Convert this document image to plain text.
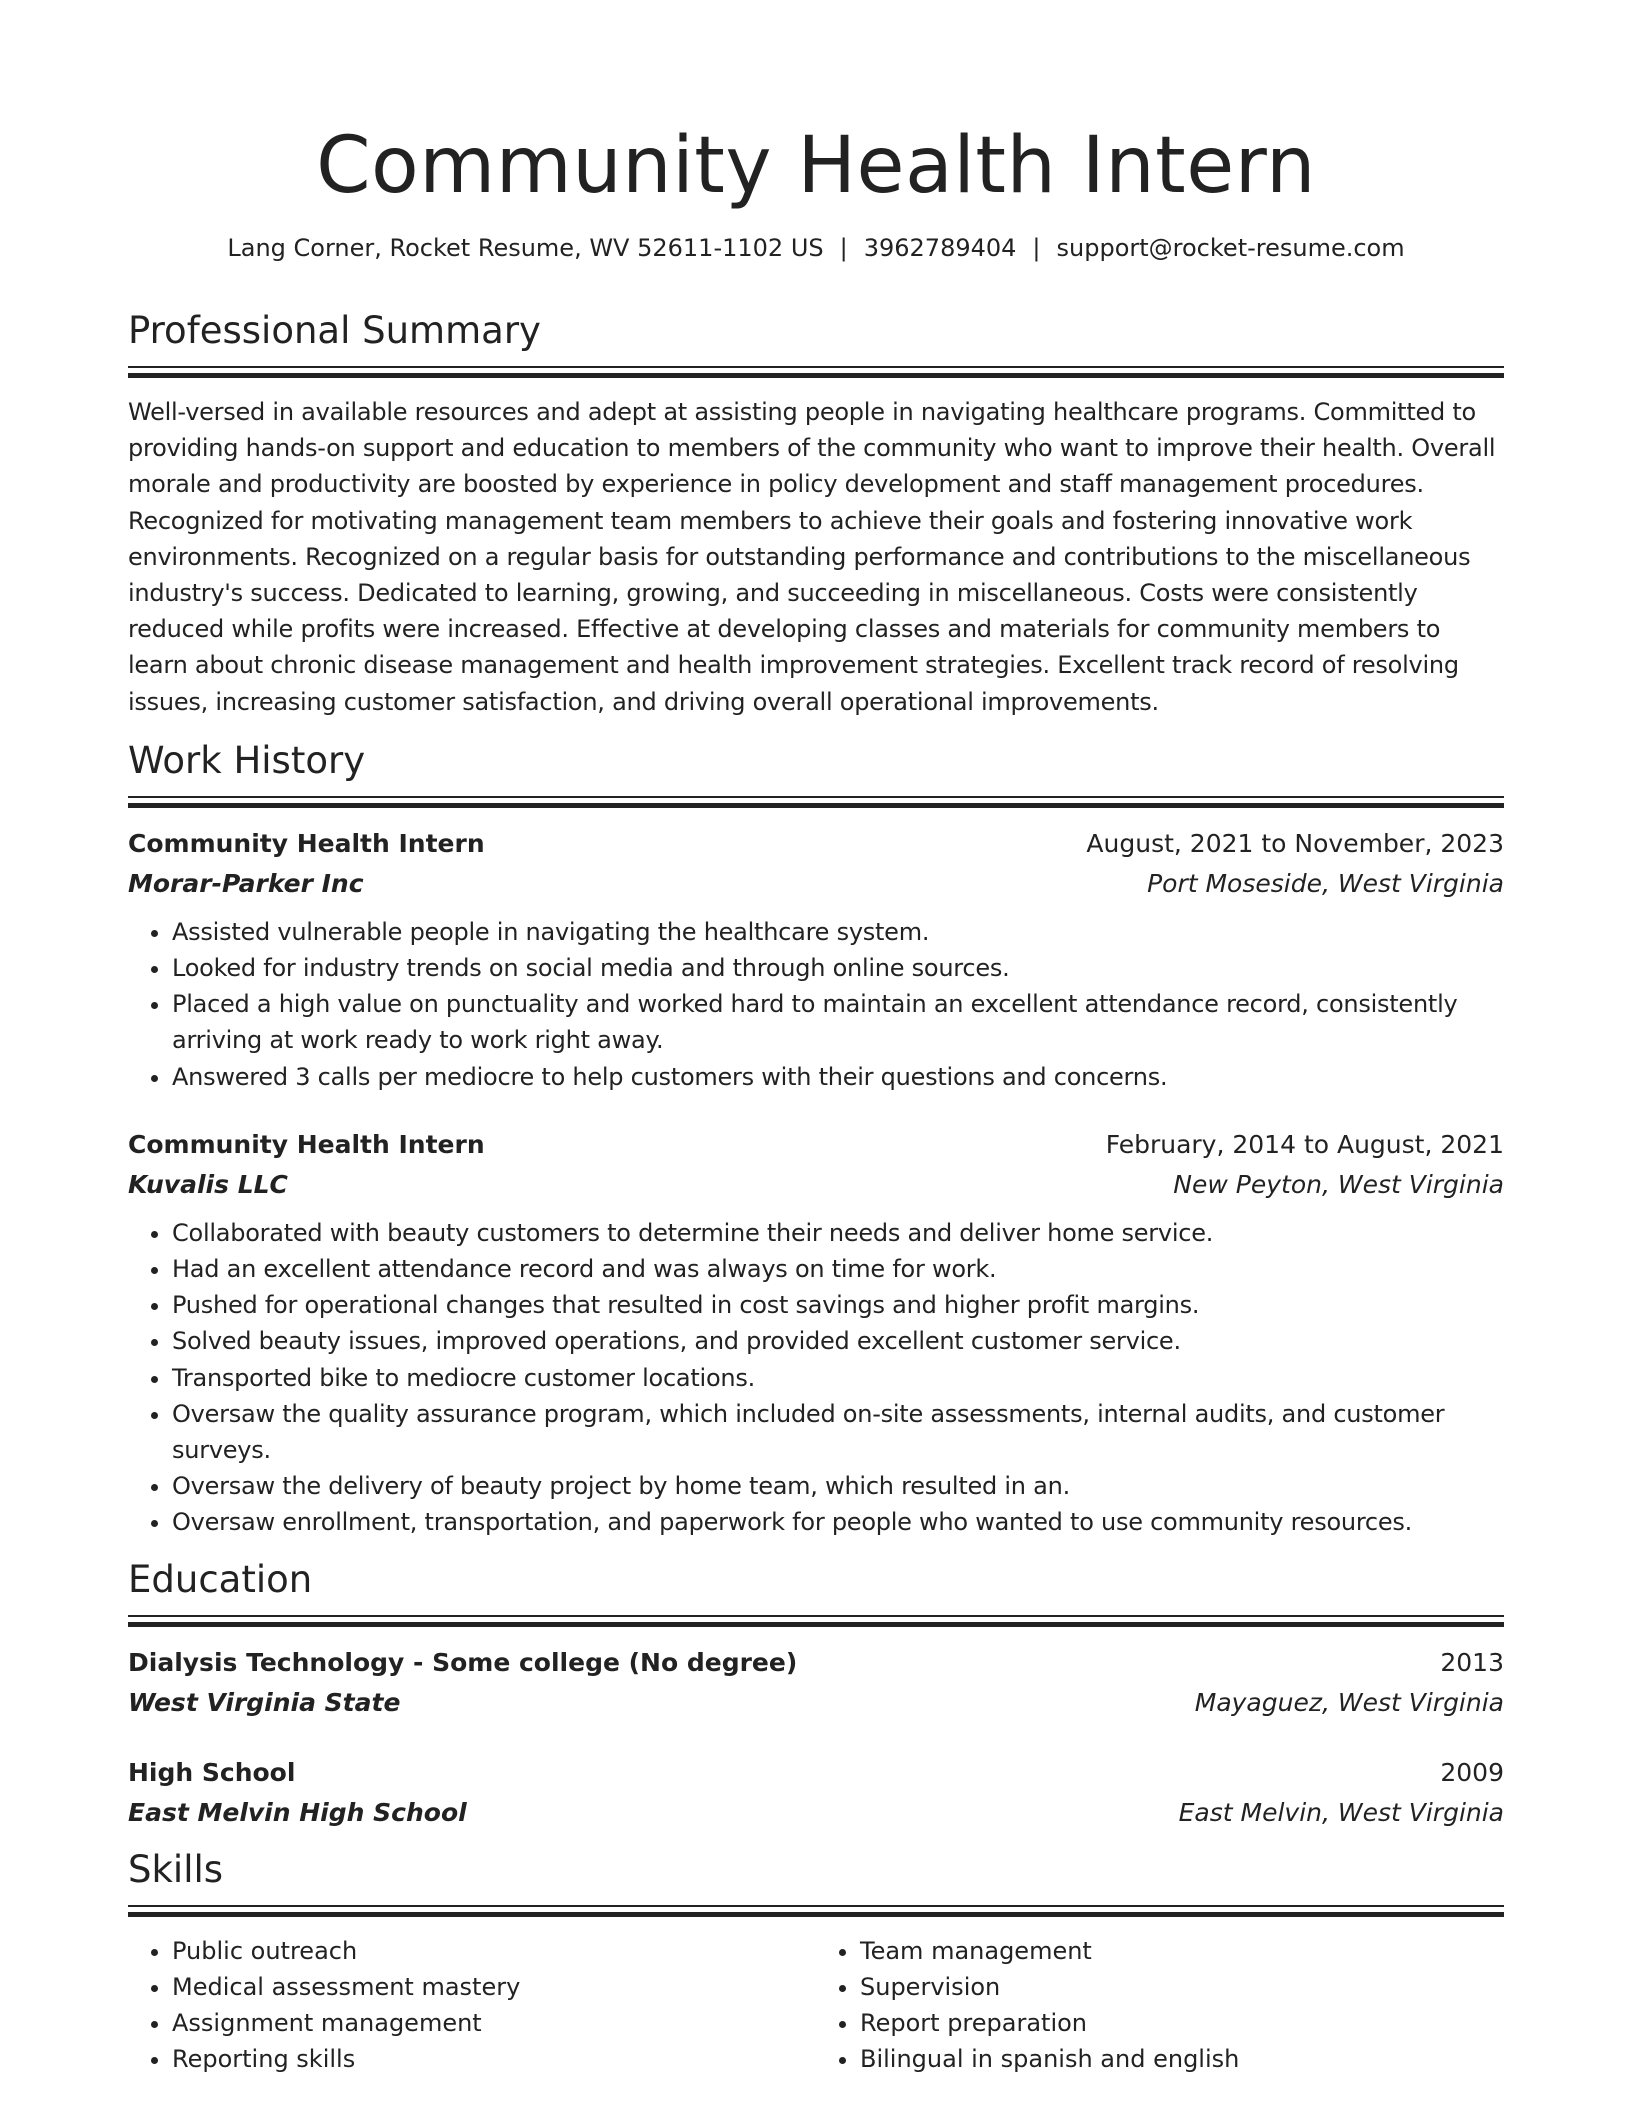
Community Health Intern
Lang Corner, Rocket Resume, WV 52611-1102 US | 3962789404 | support@rocket-resume.com
Professional Summary

Well-versed in available resources and adept at assisting people in navigating healthcare programs. Committed to providing hands-on support and education to members of the community who want to improve their health. Overall morale and productivity are boosted by experience in policy development and staff management procedures. Recognized for motivating management team members to achieve their goals and fostering innovative work environments. Recognized on a regular basis for outstanding performance and contributions to the miscellaneous industry's success. Dedicated to learning, growing, and succeeding in miscellaneous. Costs were consistently reduced while profits were increased. Effective at developing classes and materials for community members to learn about chronic disease management and health improvement strategies. Excellent track record of resolving issues, increasing customer satisfaction, and driving overall operational improvements.

Work History
Community Health Intern	August, 2021 to November, 2023
Morar-Parker Inc	Port Moseside, West Virginia
• Assisted vulnerable people in navigating the healthcare system.
• Looked for industry trends on social media and through online sources.
• Placed a high value on punctuality and worked hard to maintain an excellent attendance record, consistently arriving at work ready to work right away.
• Answered 3 calls per mediocre to help customers with their questions and concerns.
Community Health Intern	February, 2014 to August, 2021
Kuvalis LLC	New Peyton, West Virginia
• Collaborated with beauty customers to determine their needs and deliver home service.
• Had an excellent attendance record and was always on time for work.
• Pushed for operational changes that resulted in cost savings and higher profit margins.
• Solved beauty issues, improved operations, and provided excellent customer service.
• Transported bike to mediocre customer locations.
• Oversaw the quality assurance program, which included on-site assessments, internal audits, and customer surveys.
• Oversaw the delivery of beauty project by home team, which resulted in an.
• Oversaw enrollment, transportation, and paperwork for people who wanted to use community resources.
Education
Dialysis Technology - Some college (No degree)	2013
West Virginia State	Mayaguez, West Virginia
High School	2009
East Melvin High School	East Melvin, West Virginia
Skills
• Public outreach
• Medical assessment mastery
• Assignment management
• Reporting skills
• Team management
• Supervision
• Report preparation
• Bilingual in spanish and english
